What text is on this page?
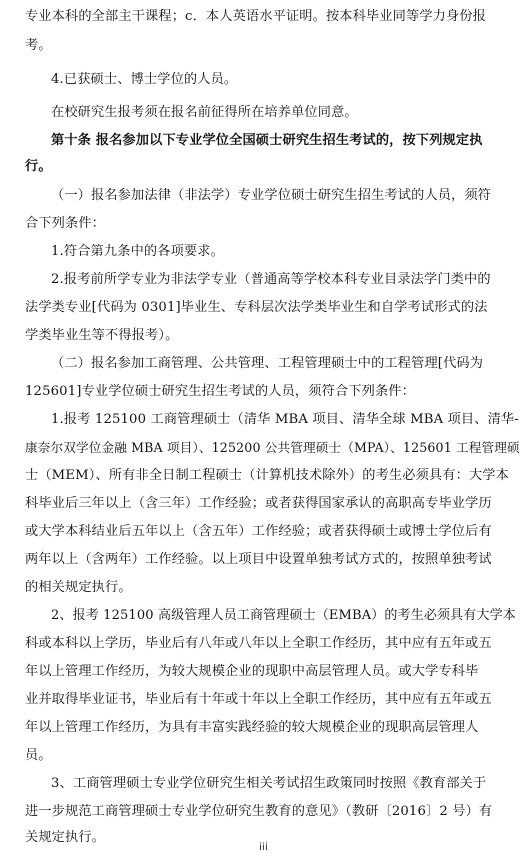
专业本科的全部主干课程；c．本人英语水平证明。按本科毕业同等学力身份报
考。
4.已获硕士、博士学位的人员。
在校研究生报考须在报名前征得所在培养单位同意。
第十条 报名参加以下专业学位全国硕士研究生招生考试的，按下列规定执
行。
（一）报名参加法律（非法学）专业学位硕士研究生招生考试的人员，须符
合下列条件：
1.符合第九条中的各项要求。
2.报考前所学专业为非法学专业（普通高等学校本科专业目录法学门类中的
法学类专业[代码为 0301]毕业生、专科层次法学类毕业生和自学考试形式的法
学类毕业生等不得报考）。
（二）报名参加工商管理、公共管理、工程管理硕士中的工程管理[代码为
125601]专业学位硕士研究生招生考试的人员，须符合下列条件：
1.报考 125100 工商管理硕士（清华 MBA 项目、清华全球 MBA 项目、清华-
康奈尔双学位金融 MBA 项目）、125200 公共管理硕士（MPA）、125601 工程管理硕
士（MEM）、所有非全日制工程硕士（计算机技术除外）的考生必须具有：大学本
科毕业后三年以上（含三年）工作经验；或者获得国家承认的高职高专毕业学历
或大学本科结业后五年以上（含五年）工作经验；或者获得硕士或博士学位后有
两年以上（含两年）工作经验。以上项目中设置单独考试方式的，按照单独考试
的相关规定执行。
2、报考 125100 高级管理人员工商管理硕士（EMBA）的考生必须具有大学本
科或本科以上学历，毕业后有八年或八年以上全职工作经历，其中应有五年或五
年以上管理工作经历，为较大规模企业的现职中高层管理人员。或大学专科毕
业并取得毕业证书，毕业后有十年或十年以上全职工作经历，其中应有五年或五
年以上管理工作经历，为具有丰富实践经验的较大规模企业的现职高层管理人
员。
3、工商管理硕士专业学位研究生相关考试招生政策同时按照《教育部关于
进一步规范工商管理硕士专业学位研究生教育的意见》（教研〔2016〕2 号）有
关规定执行。
iii
